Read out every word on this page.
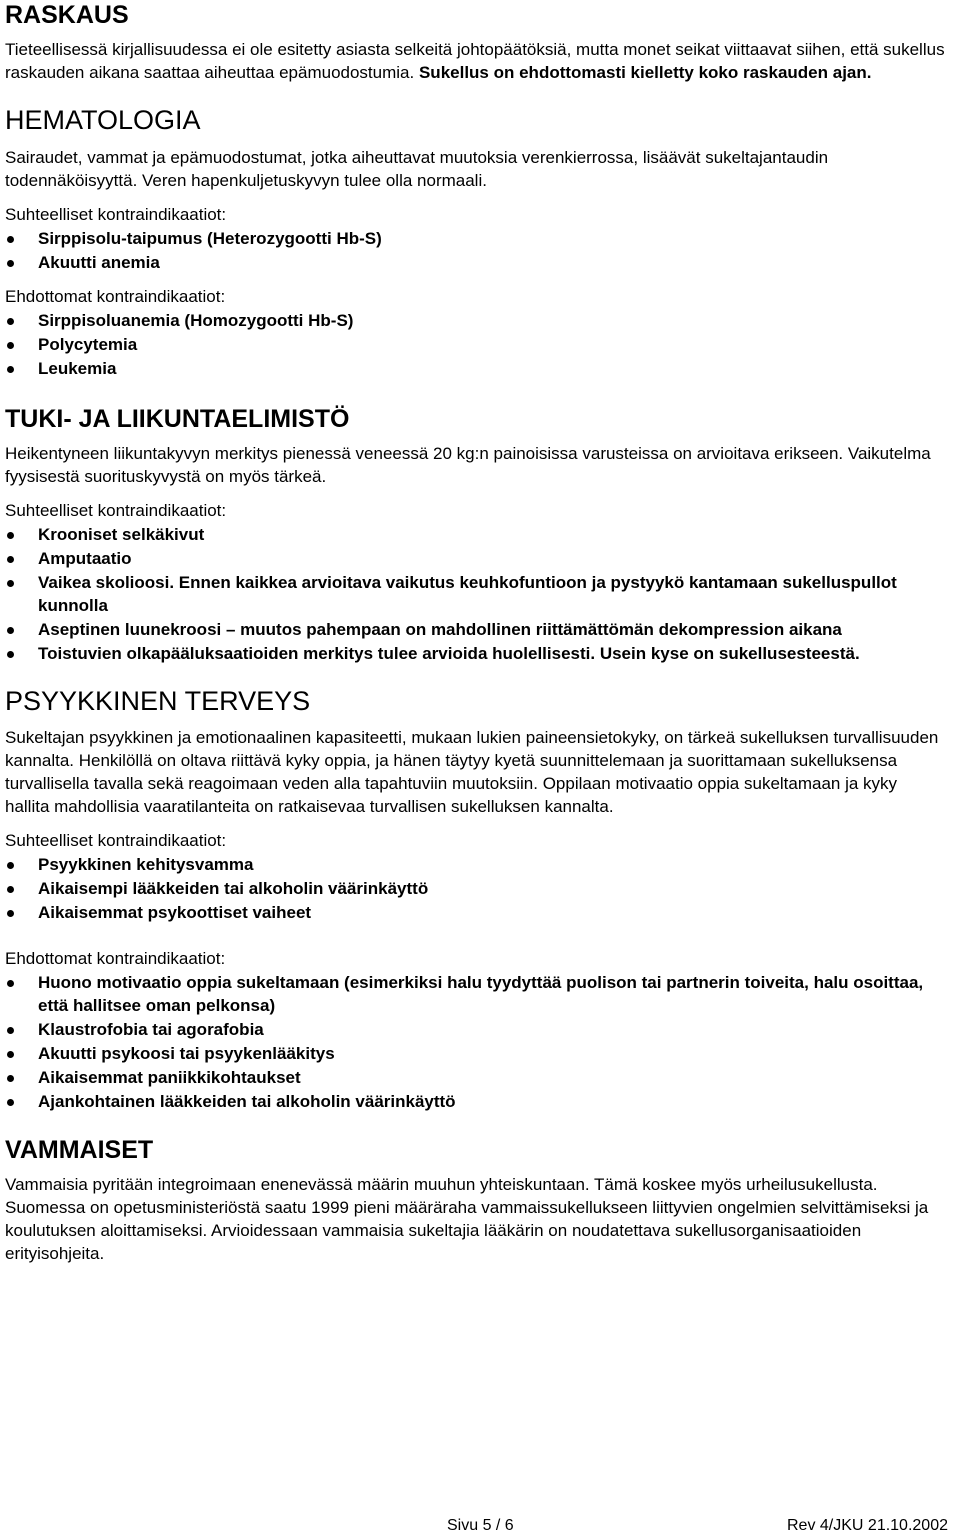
RASKAUS

Tieteellisessä kirjallisuudessa ei ole esitetty asiasta selkeitä johtopäätöksiä, mutta monet seikat viittaavat siihen, että sukellus raskauden aikana saattaa aiheuttaa epämuodostumia. Sukellus on ehdottomasti kielletty koko raskauden ajan.

HEMATOLOGIA

Sairaudet, vammat ja epämuodostumat, jotka aiheuttavat muutoksia verenkierrossa, lisäävät sukeltajantaudin todennäköisyyttä. Veren hapenkuljetuskyvyn tulee olla normaali.

Suhteelliset kontraindikaatiot:

Sirppisolu-taipumus (Heterozygootti Hb-S)
Akuutti anemia

Ehdottomat kontraindikaatiot:

Sirppisoluanemia (Homozygootti Hb-S)
Polycytemia
Leukemia
TUKI- JA LIIKUNTAELIMISTÖ

Heikentyneen liikuntakyvyn merkitys pienessä veneessä 20 kg:n painoisissa varusteissa on arvioitava erikseen. Vaikutelma fyysisestä suorituskyvystä on myös tärkeä.

Suhteelliset kontraindikaatiot:

Krooniset selkäkivut
Amputaatio
Vaikea skolioosi. Ennen kaikkea arvioitava vaikutus keuhkofuntioon ja pystyykö kantamaan sukelluspullot kunnolla
Aseptinen luunekroosi – muutos pahempaan on mahdollinen riittämättömän dekompression aikana
Toistuvien olkapääluksaatioiden merkitys tulee arvioida huolellisesti. Usein kyse on sukellusesteestä.
PSYYKKINEN TERVEYS

Sukeltajan psyykkinen ja emotionaalinen kapasiteetti, mukaan lukien paineensietokyky, on tärkeä sukelluksen turvallisuuden kannalta. Henkilöllä on oltava riittävä kyky oppia, ja hänen täytyy kyetä suunnittelemaan ja suorittamaan sukelluksensa turvallisella tavalla sekä reagoimaan veden alla tapahtuviin muutoksiin. Oppilaan motivaatio oppia sukeltamaan ja kyky hallita mahdollisia vaaratilanteita on ratkaisevaa turvallisen sukelluksen kannalta.

Suhteelliset kontraindikaatiot:

Psyykkinen kehitysvamma
Aikaisempi lääkkeiden tai alkoholin väärinkäyttö
Aikaisemmat psykoottiset vaiheet

Ehdottomat kontraindikaatiot:

Huono motivaatio oppia sukeltamaan (esimerkiksi halu tyydyttää puolison tai partnerin toiveita, halu osoittaa, että hallitsee oman pelkonsa)
Klaustrofobia tai agorafobia
Akuutti psykoosi tai psyykenlääkitys
Aikaisemmat paniikkikohtaukset
Ajankohtainen lääkkeiden tai alkoholin väärinkäyttö
VAMMAISET

Vammaisia pyritään integroimaan enenevässä määrin muuhun yhteiskuntaan. Tämä koskee myös urheilusukellusta. Suomessa on opetusministeriöstä saatu 1999 pieni määräraha vammaissukellukseen liittyvien ongelmien selvittämiseksi ja koulutuksen aloittamiseksi. Arvioidessaan vammaisia sukeltajia lääkärin on noudatettava sukellusorganisaatioiden erityisohjeita.

Sivu 5 / 6	Rev 4/JKU 21.10.2002
